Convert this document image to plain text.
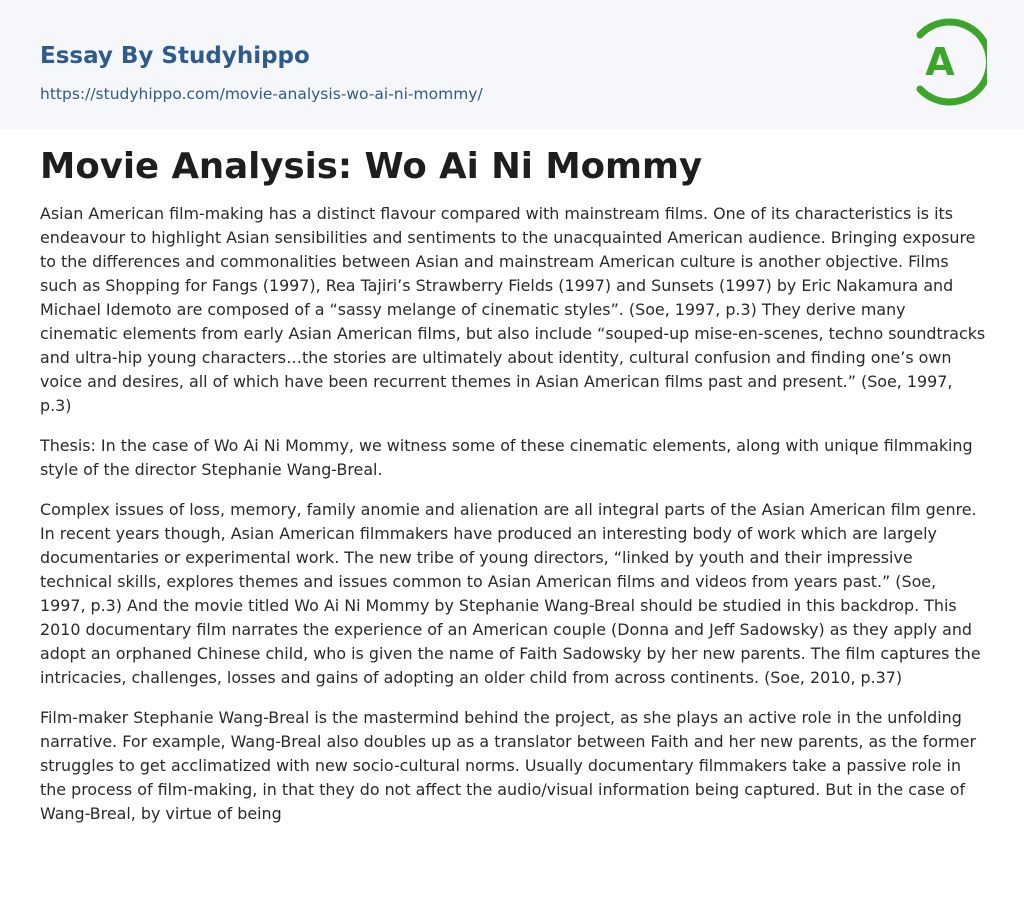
Essay By Studyhippo
https://studyhippo.com/movie-analysis-wo-ai-ni-mommy/
A
Movie Analysis: Wo Ai Ni Mommy

Asian American film-making has a distinct flavour compared with mainstream films. One of its characteristics is its endeavour to highlight Asian sensibilities and sentiments to the unacquainted American audience. Bringing exposure to the differences and commonalities between Asian and mainstream American culture is another objective. Films such as Shopping for Fangs (1997), Rea Tajiri’s Strawberry Fields (1997) and Sunsets (1997) by Eric Nakamura and Michael Idemoto are composed of a “sassy melange of cinematic styles”. (Soe, 1997, p.3) They derive many cinematic elements from early Asian American films, but also include “souped-up mise-en-scenes, techno soundtracks and ultra-hip young characters…the stories are ultimately about identity, cultural confusion and finding one’s own voice and desires, all of which have been recurrent themes in Asian American films past and present.” (Soe, 1997, p.3)

Thesis: In the case of Wo Ai Ni Mommy, we witness some of these cinematic elements, along with unique filmmaking style of the director Stephanie Wang-Breal.

Complex issues of loss, memory, family anomie and alienation are all integral parts of the Asian American film genre. In recent years though, Asian American filmmakers have produced an interesting body of work which are largely documentaries or experimental work. The new tribe of young directors, “linked by youth and their impressive technical skills, explores themes and issues common to Asian American films and videos from years past.” (Soe, 1997, p.3) And the movie titled Wo Ai Ni Mommy by Stephanie Wang-Breal should be studied in this backdrop. This 2010 documentary film narrates the experience of an American couple (Donna and Jeff Sadowsky) as they apply and adopt an orphaned Chinese child, who is given the name of Faith Sadowsky by her new parents. The film captures the intricacies, challenges, losses and gains of adopting an older child from across continents. (Soe, 2010, p.37)

Film-maker Stephanie Wang-Breal is the mastermind behind the project, as she plays an active role in the unfolding narrative. For example, Wang-Breal also doubles up as a translator between Faith and her new parents, as the former struggles to get acclimatized with new socio-cultural norms. Usually documentary filmmakers take a passive role in the process of film-making, in that they do not affect the audio/visual information being captured. But in the case of Wang-Breal, by virtue of being
